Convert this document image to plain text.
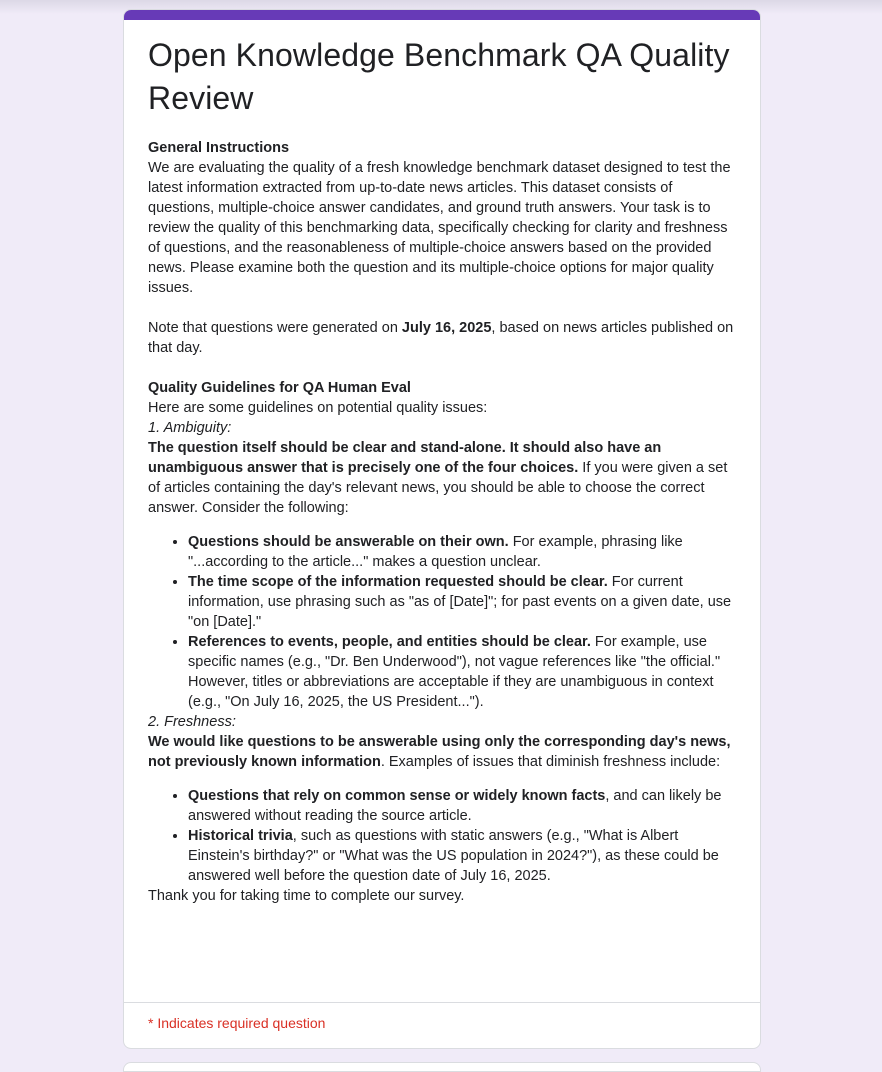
Open Knowledge Benchmark QA Quality Review

General Instructions
We are evaluating the quality of a fresh knowledge benchmark dataset designed to test the latest information extracted from up-to-date news articles. This dataset consists of questions, multiple-choice answer candidates, and ground truth answers. Your task is to review the quality of this benchmarking data, specifically checking for clarity and freshness of questions, and the reasonableness of multiple-choice answers based on the provided news. Please examine both the question and its multiple-choice options for major quality issues.

Note that questions were generated on July 16, 2025, based on news articles published on that day.

Quality Guidelines for QA Human Eval
Here are some guidelines on potential quality issues:
1. Ambiguity:

The question itself should be clear and stand-alone. It should also have an unambiguous answer that is precisely one of the four choices. If you were given a set of articles containing the day's relevant news, you should be able to choose the correct answer. Consider the following:

• Questions should be answerable on their own. For example, phrasing like "...according to the article..." makes a question unclear.
• The time scope of the information requested should be clear. For current information, use phrasing such as "as of [Date]"; for past events on a given date, use "on [Date]."
• References to events, people, and entities should be clear. For example, use specific names (e.g., "Dr. Ben Underwood"), not vague references like "the official." However, titles or abbreviations are acceptable if they are unambiguous in context (e.g., "On July 16, 2025, the US President...").

2. Freshness:

We would like questions to be answerable using only the corresponding day's news, not previously known information. Examples of issues that diminish freshness include:

• Questions that rely on common sense or widely known facts, and can likely be answered without reading the source article.
• Historical trivia, such as questions with static answers (e.g., "What is Albert Einstein's birthday?" or "What was the US population in 2024?"), as these could be answered well before the question date of July 16, 2025.

Thank you for taking time to complete our survey.

* Indicates required question
